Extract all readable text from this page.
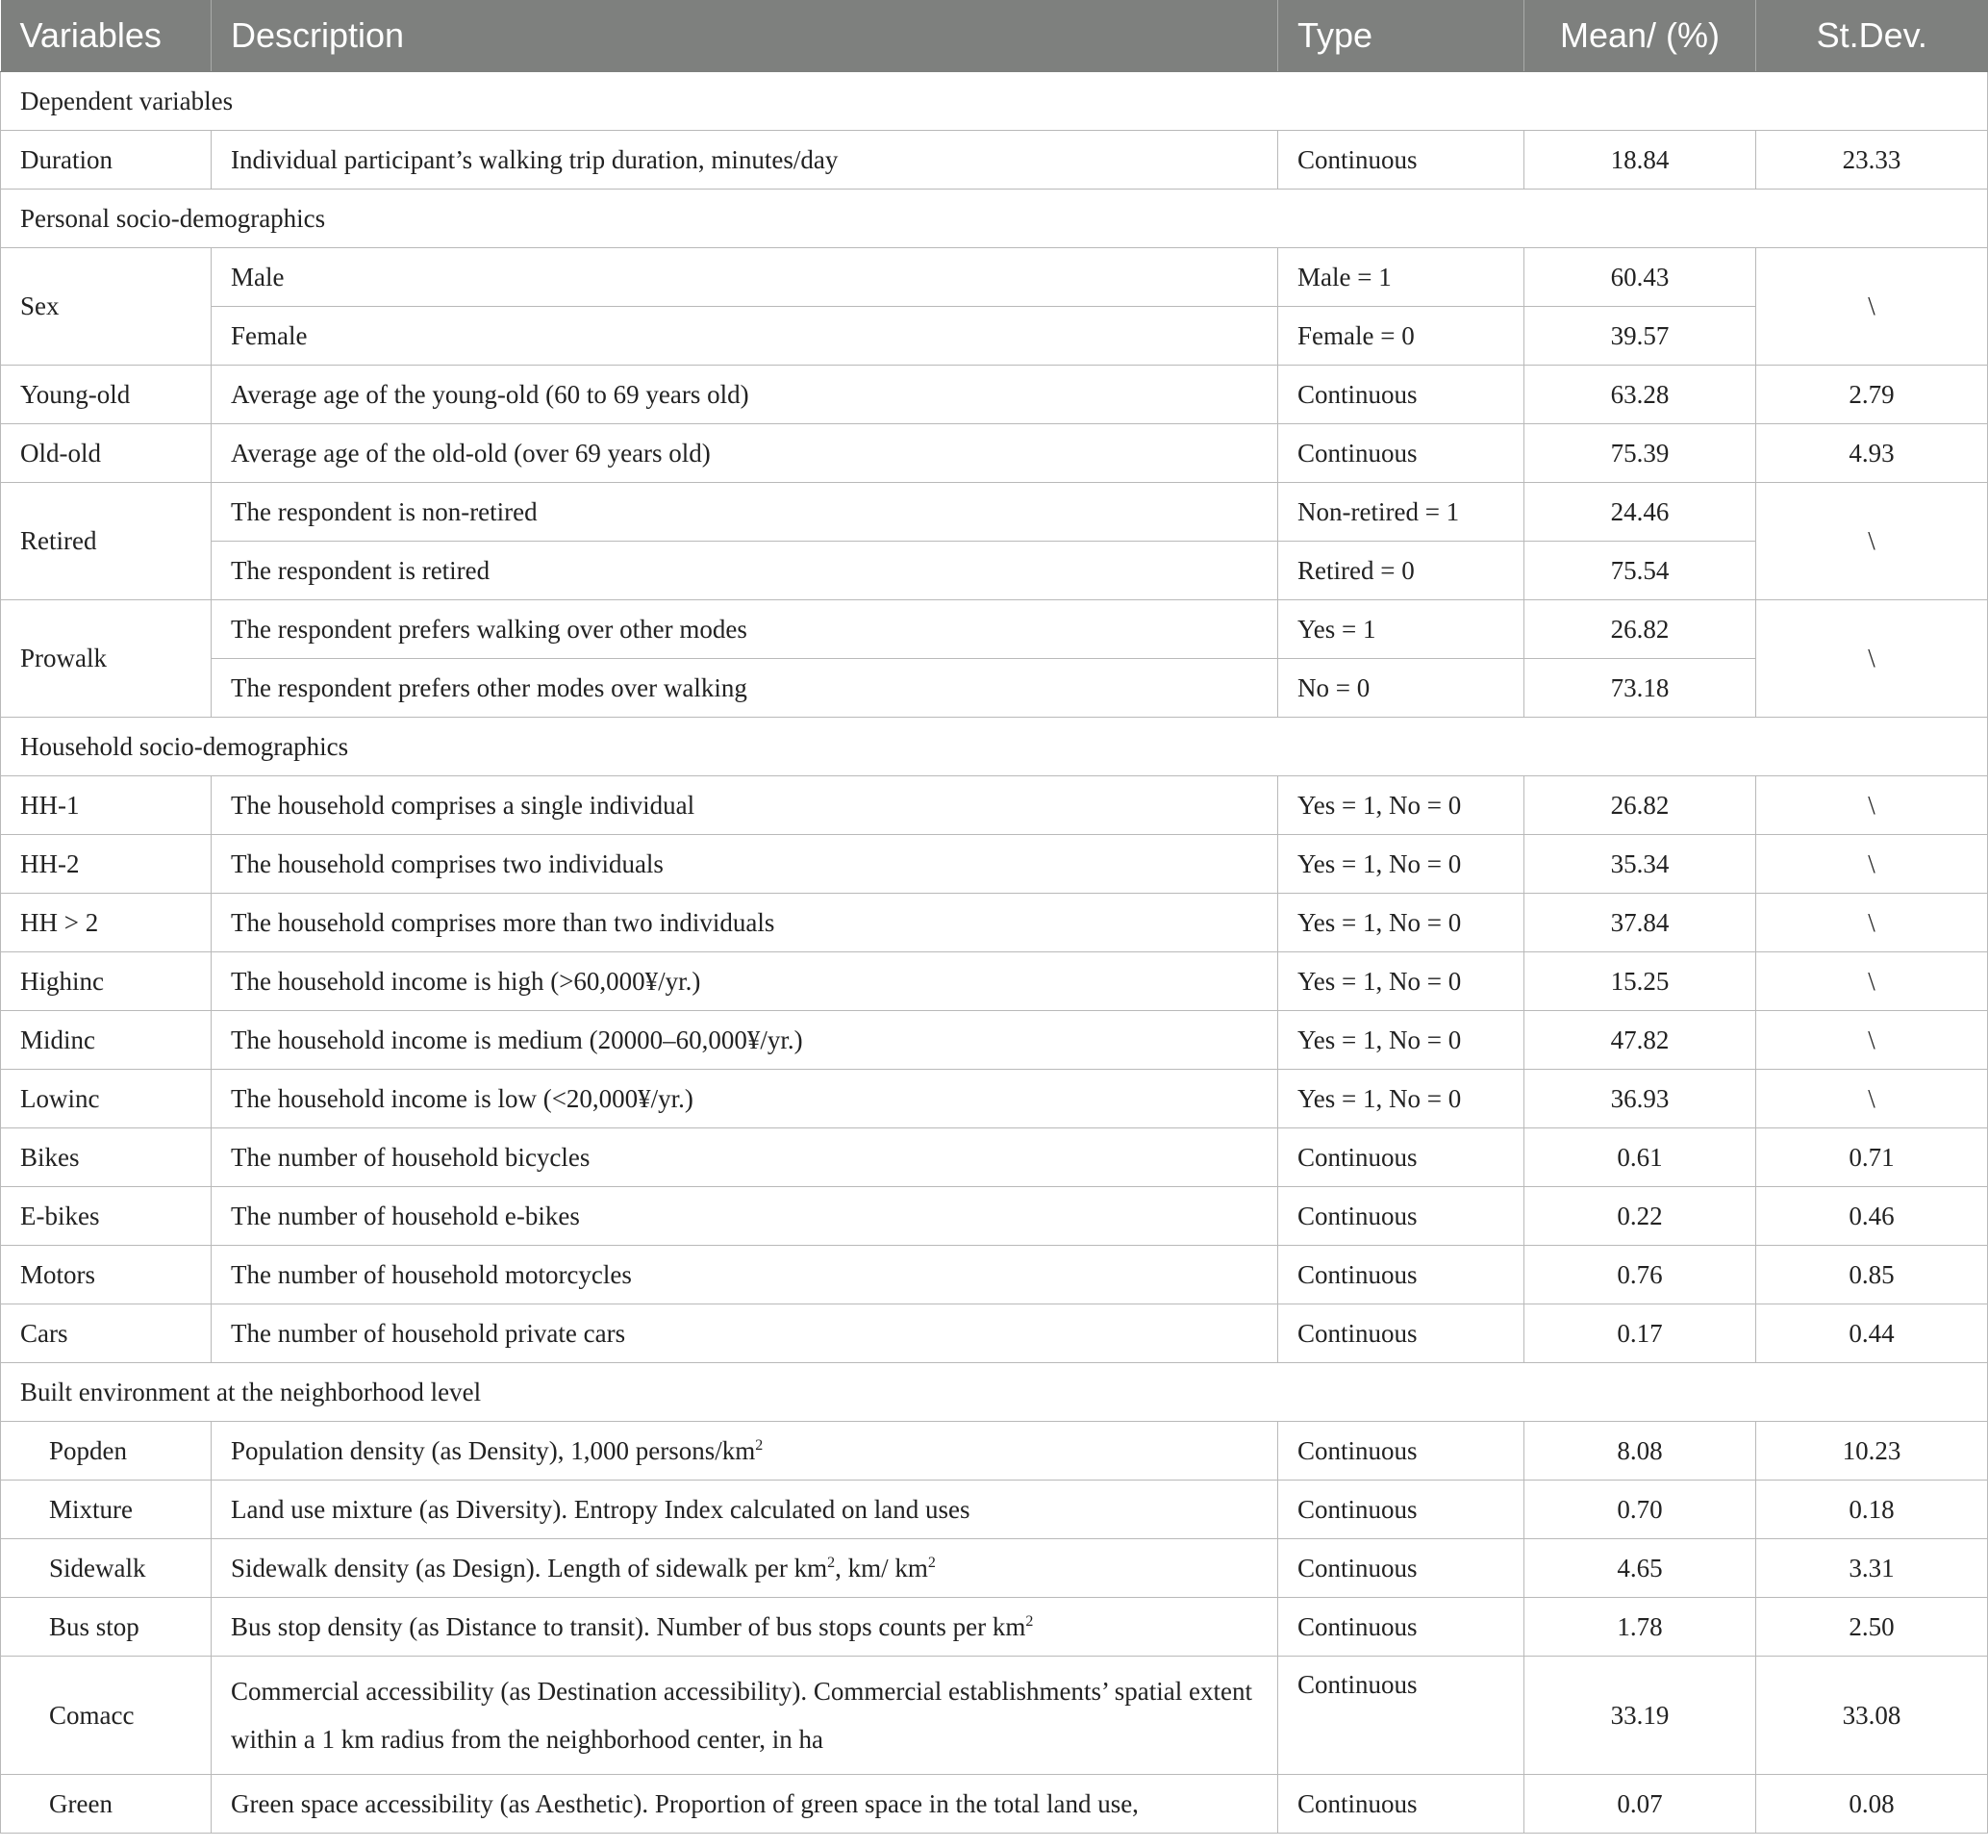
Variables	Description	Type	Mean/ (%)	St.Dev.
Dependent variables				
Duration	Individual participant’s walking trip duration, minutes/day	Continuous	18.84	23.33
Personal socio-demographics				
Sex	Male	Male = 1	60.43	\
	Female	Female = 0	39.57	
Young-old	Average age of the young-old (60 to 69 years old)	Continuous	63.28	2.79
Old-old	Average age of the old-old (over 69 years old)	Continuous	75.39	4.93
Retired	The respondent is non-retired	Non-retired = 1	24.46	\
	The respondent is retired	Retired = 0	75.54	
Prowalk	The respondent prefers walking over other modes	Yes = 1	26.82	\
	The respondent prefers other modes over walking	No = 0	73.18	
Household socio-demographics				
HH-1	The household comprises a single individual	Yes = 1, No = 0	26.82	\
HH-2	The household comprises two individuals	Yes = 1, No = 0	35.34	\
HH > 2	The household comprises more than two individuals	Yes = 1, No = 0	37.84	\
Highinc	The household income is high (>60,000¥/yr.)	Yes = 1, No = 0	15.25	\
Midinc	The household income is medium (20000–60,000¥/yr.)	Yes = 1, No = 0	47.82	\
Lowinc	The household income is low (<20,000¥/yr.)	Yes = 1, No = 0	36.93	\
Bikes	The number of household bicycles	Continuous	0.61	0.71
E-bikes	The number of household e-bikes	Continuous	0.22	0.46
Motors	The number of household motorcycles	Continuous	0.76	0.85
Cars	The number of household private cars	Continuous	0.17	0.44
Built environment at the neighborhood level				
Popden	Population density (as Density), 1,000 persons/$km^2$	Continuous	8.08	10.23
Mixture	Land use mixture (as Diversity). Entropy Index calculated on land uses	Continuous	0.70	0.18
Sidewalk	Sidewalk density (as Design). Length of sidewalk per $km^2$, km/ $km^2$	Continuous	4.65	3.31
Bus stop	Bus stop density (as Distance to transit). Number of bus stops counts per $km^2$	Continuous	1.78	2.50
Comacc	Commercial accessibility (as Destination accessibility). Commercial establishments’ spatial extent within a 1 km radius from the neighborhood center, in ha	Continuous	33.19	33.08
Green	Green space accessibility (as Aesthetic). Proportion of green space in the total land use,	Continuous	0.07	0.08
